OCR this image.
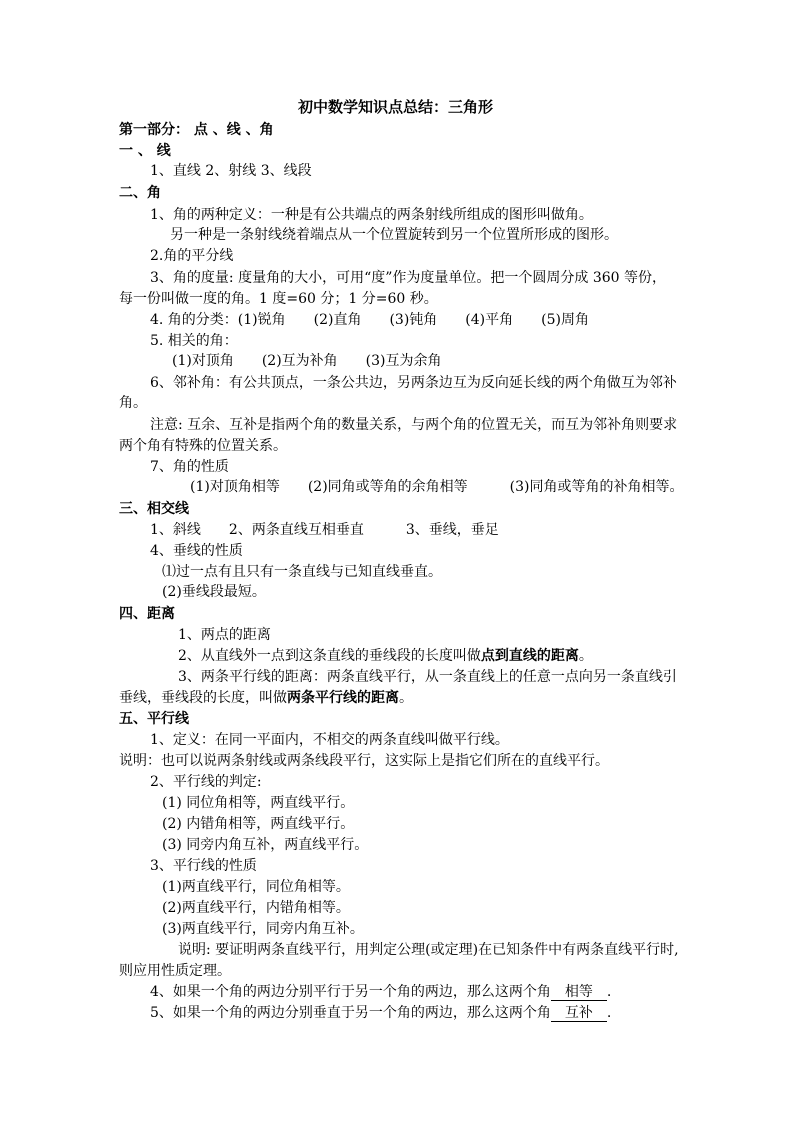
初中数学知识点总结：三角形
第一部分： 点 、线 、角
一 、 线
1、直线 2、射线 3、线段
二、角
1、角的两种定义：一种是有公共端点的两条射线所组成的图形叫做角。
另一种是一条射线绕着端点从一个位置旋转到另一个位置所形成的图形。
2.角的平分线
3、角的度量: 度量角的大小，可用“度”作为度量单位。把一个圆周分成 360 等份，
每一份叫做一度的角。1 度=60 分；1 分=60 秒。
4. 角的分类：(1)锐角　　(2)直角　　(3)钝角　　(4)平角　　(5)周角
5. 相关的角：
(1)对顶角　　(2)互为补角　　(3)互为余角
6、邻补角：有公共顶点，一条公共边，另两条边互为反向延长线的两个角做互为邻补
角。
注意: 互余、互补是指两个角的数量关系，与两个角的位置无关，而互为邻补角则要求
两个角有特殊的位置关系。
7、角的性质
(1)对顶角相等　　(2)同角或等角的余角相等　　　(3)同角或等角的补角相等。
三、相交线
1、斜线　　2、两条直线互相垂直　　　3、垂线，垂足
4、垂线的性质
⑴过一点有且只有一条直线与已知直线垂直。
(2)垂线段最短。
四、距离
1、两点的距离
2、从直线外一点到这条直线的垂线段的长度叫做点到直线的距离。
3、两条平行线的距离：两条直线平行，从一条直线上的任意一点向另一条直线引
垂线，垂线段的长度，叫做两条平行线的距离。
五、平行线
1、定义：在同一平面内，不相交的两条直线叫做平行线。
说明：也可以说两条射线或两条线段平行，这实际上是指它们所在的直线平行。
2、平行线的判定:
(1) 同位角相等，两直线平行。
(2) 内错角相等，两直线平行。
(3) 同旁内角互补，两直线平行。
3、平行线的性质
(1)两直线平行，同位角相等。
(2)两直线平行，内错角相等。
(3)两直线平行，同旁内角互补。
说明: 要证明两条直线平行，用判定公理(或定理)在已知条件中有两条直线平行时,
则应用性质定理。
4、如果一个角的两边分别平行于另一个角的两边，那么这两个角 相等 .
5、如果一个角的两边分别垂直于另一个角的两边，那么这两个角 互补 .
